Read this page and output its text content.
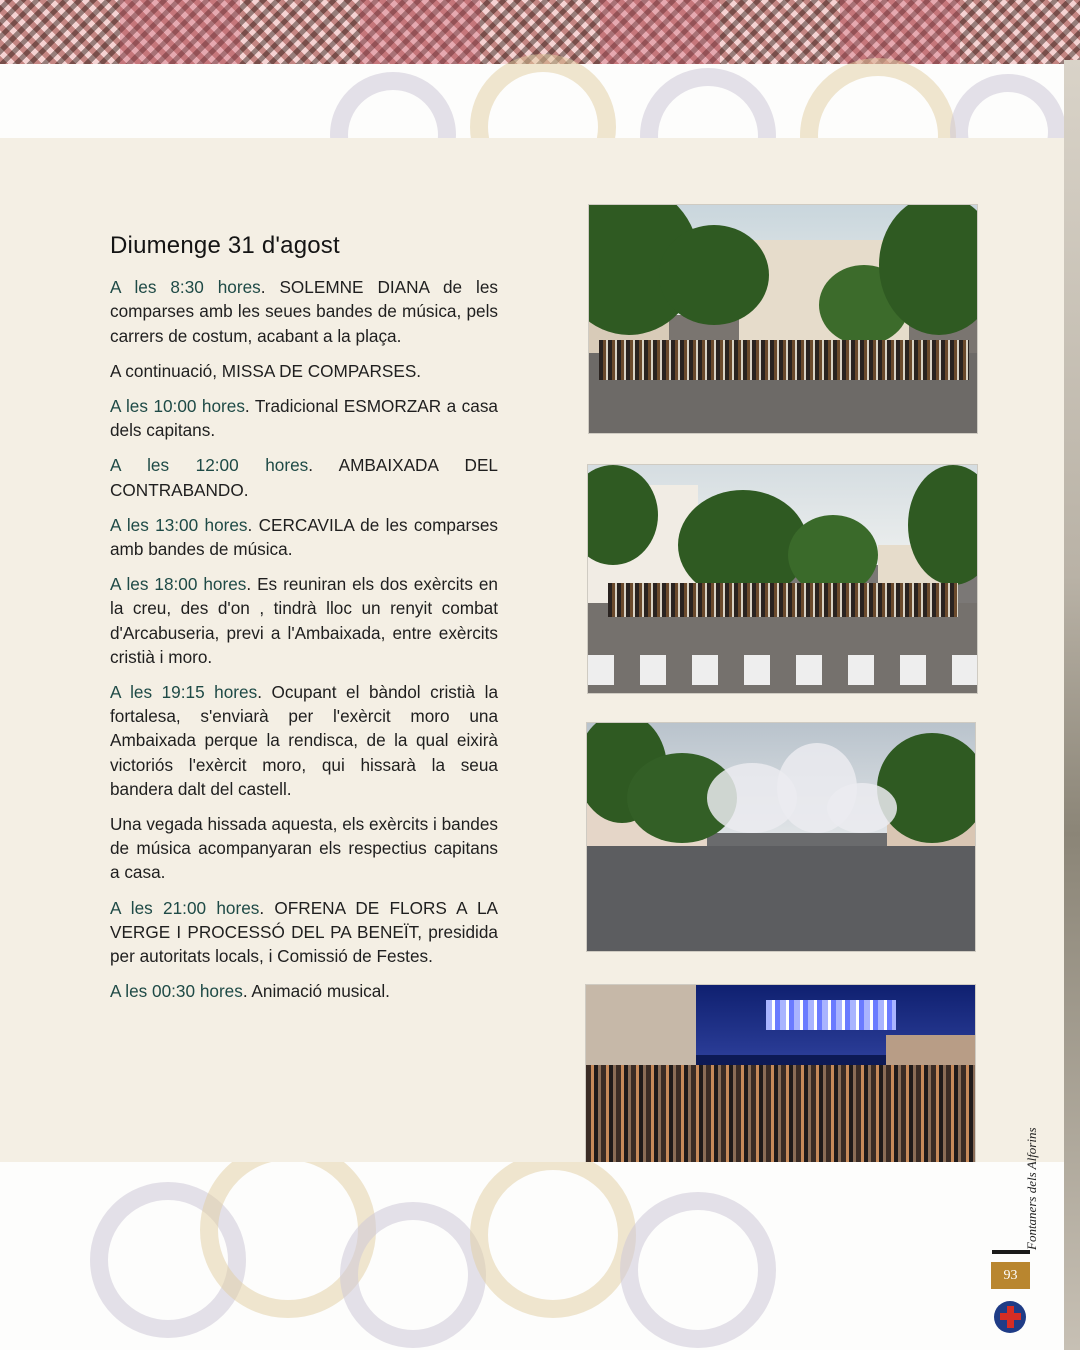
Diumenge 31 d'agost

A les 8:30 hores. SOLEMNE DIANA de les comparses amb les seues bandes de música, pels carrers de costum, acabant a la plaça.

A continuació, MISSA DE COMPARSES.

A les 10:00 hores. Tradicional ESMORZAR a casa dels capitans.

A les 12:00 hores. AMBAIXADA DEL CONTRABANDO.

A les 13:00 hores. CERCAVILA de les comparses amb bandes de música.

A les 18:00 hores. Es reuniran els dos exèrcits en la creu, des d'on , tindrà lloc un renyit combat d'Arcabuseria, previ a l'Ambaixada, entre exèrcits cristià i moro.

A les 19:15 hores. Ocupant el bàndol cristià la fortalesa, s'enviarà per l'exèrcit moro una Ambaixada perque la rendisca, de la qual eixirà victoriós l'exèrcit moro, qui hissarà la seua bandera dalt del castell.

Una vegada hissada aquesta, els exèrcits i bandes de música acompanyaran els respectius capitans a casa.

A les 21:00 hores. OFRENA DE FLORS A LA VERGE I PROCESSÓ DEL PA BENEÏT, presidida per autoritats locals, i Comissió de Festes.

A les 00:30 hores. Animació musical.

Fontaners dels Alforins
93
